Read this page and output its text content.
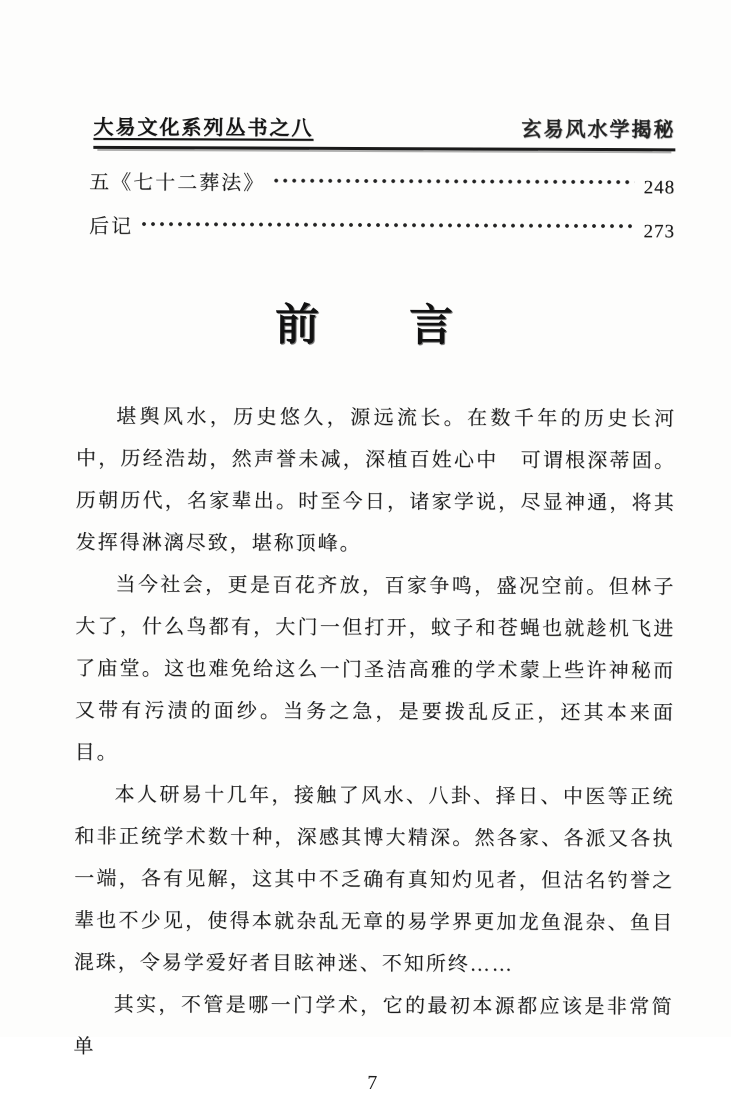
大易文化系列丛书之八	玄易风水学揭秘
五《七十二葬法》	248
后记	273
前　言

堪舆风水，历史悠久，源远流长。在数千年的历史长河中，历经浩劫，然声誉未减，深植百姓心中　可谓根深蒂固。历朝历代，名家辈出。时至今日，诸家学说，尽显神通，将其发挥得淋漓尽致，堪称顶峰。

当今社会，更是百花齐放，百家争鸣，盛况空前。但林子大了，什么鸟都有，大门一但打开，蚊子和苍蝇也就趁机飞进了庙堂。这也难免给这么一门圣洁高雅的学术蒙上些许神秘而又带有污渍的面纱。当务之急，是要拨乱反正，还其本来面目。

本人研易十几年，接触了风水、八卦、择日、中医等正统和非正统学术数十种，深感其博大精深。然各家、各派又各执一端，各有见解，这其中不乏确有真知灼见者，但沽名钓誉之辈也不少见，使得本就杂乱无章的易学界更加龙鱼混杂、鱼目混珠，令易学爱好者目眩神迷、不知所终……

其实，不管是哪一门学术，它的最初本源都应该是非常简单

7
